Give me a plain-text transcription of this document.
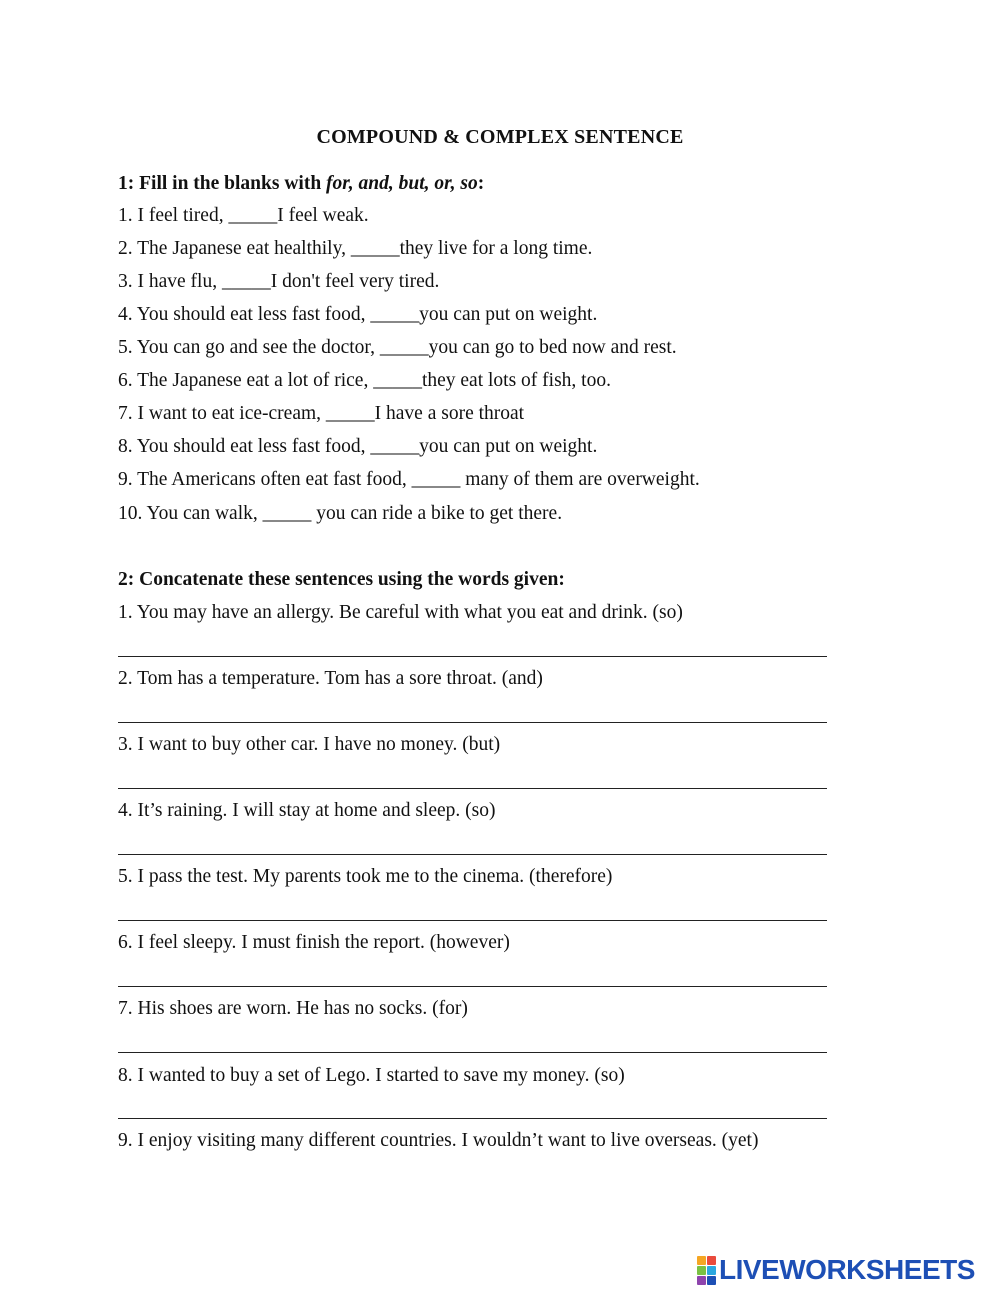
COMPOUND & COMPLEX SENTENCE
1: Fill in the blanks with for, and, but, or, so:
1. I feel tired, _____I feel weak.
2. The Japanese eat healthily, _____they live for a long time.
3. I have flu, _____I don't feel very tired.
4. You should eat less fast food, _____you can put on weight.
5. You can go and see the doctor, _____you can go to bed now and rest.
6. The Japanese eat a lot of rice, _____they eat lots of fish, too.
7. I want to eat ice-cream, _____I have a sore throat
8. You should eat less fast food, _____you can put on weight.
9. The Americans often eat fast food, _____ many of them are overweight.
10. You can walk, _____ you can ride a bike to get there.
2: Concatenate these sentences using the words given:
1. You may have an allergy. Be careful with what you eat and drink. (so)
2. Tom has a temperature. Tom has a sore throat. (and)
3. I want to buy other car. I have no money. (but)
4. It’s raining. I will stay at home and sleep. (so)
5. I pass the test. My parents took me to the cinema. (therefore)
6. I feel sleepy. I must finish the report. (however)
7. His shoes are worn. He has no socks. (for)
8. I wanted to buy a set of Lego. I started to save my money. (so)
9. I enjoy visiting many different countries. I wouldn’t want to live overseas. (yet)
LIVEWORKSHEETS
